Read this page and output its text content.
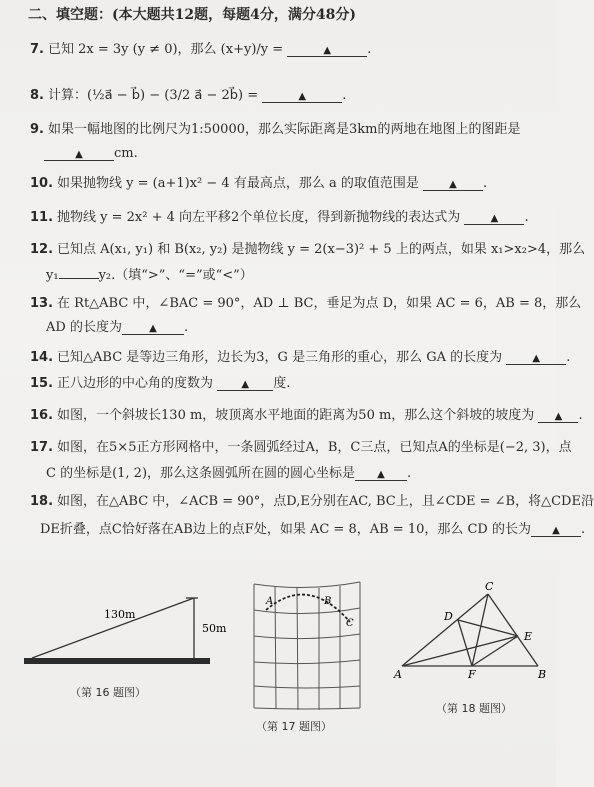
二、填空题：(本大题共12题，每题4分，满分48分)
7. 已知 2x = 3y (y ≠ 0)，那么 (x+y)/y =	▲	.
8. 计算：(½a⃗ − b⃗) − (3/2 a⃗ − 2b⃗) =	▲	.
9. 如果一幅地图的比例尺为1:50000，那么实际距离是3km的两地在地图上的图距是
▲ cm.
10. 如果抛物线 y = (a+1)x² − 4 有最高点，那么 a 的取值范围是	▲ .
11. 抛物线 y = 2x² + 4 向左平移2个单位长度，得到新抛物线的表达式为	▲ .
12. 已知点 A(x₁, y₁) 和 B(x₂, y₂) 是抛物线 y = 2(x−3)² + 5 上的两点，如果 x₁>x₂>4，那么
y₁	y₂.（填“>”、“=”或“<”）
13. 在 Rt△ABC 中，∠BAC = 90°，AD ⊥ BC，垂足为点 D，如果 AC = 6，AB = 8，那么
AD 的长度为	▲ .
14. 已知△ABC 是等边三角形，边长为3，G 是三角形的重心，那么 GA 的长度为	▲ .
15. 正八边形的中心角的度数为	▲ 度.
16. 如图，一个斜坡长130 m，坡顶离水平地面的距离为50 m，那么这个斜坡的坡度为 ▲ .
17. 如图，在5×5正方形网格中，一条圆弧经过A，B，C三点，已知点A的坐标是(−2, 3)，点
C 的坐标是(1, 2)，那么这条圆弧所在圆的圆心坐标是 ▲ .
18. 如图，在△ABC 中，∠ACB = 90°，点D,E分别在AC, BC上，且∠CDE = ∠B，将△CDE沿
DE折叠，点C恰好落在AB边上的点F处，如果 AC = 8，AB = 10，那么 CD 的长为 ▲ .
130m
50m
（第 16 题图）
A	B
C
（第 17 题图）
C
D
E
A	F	B
（第 18 题图）
